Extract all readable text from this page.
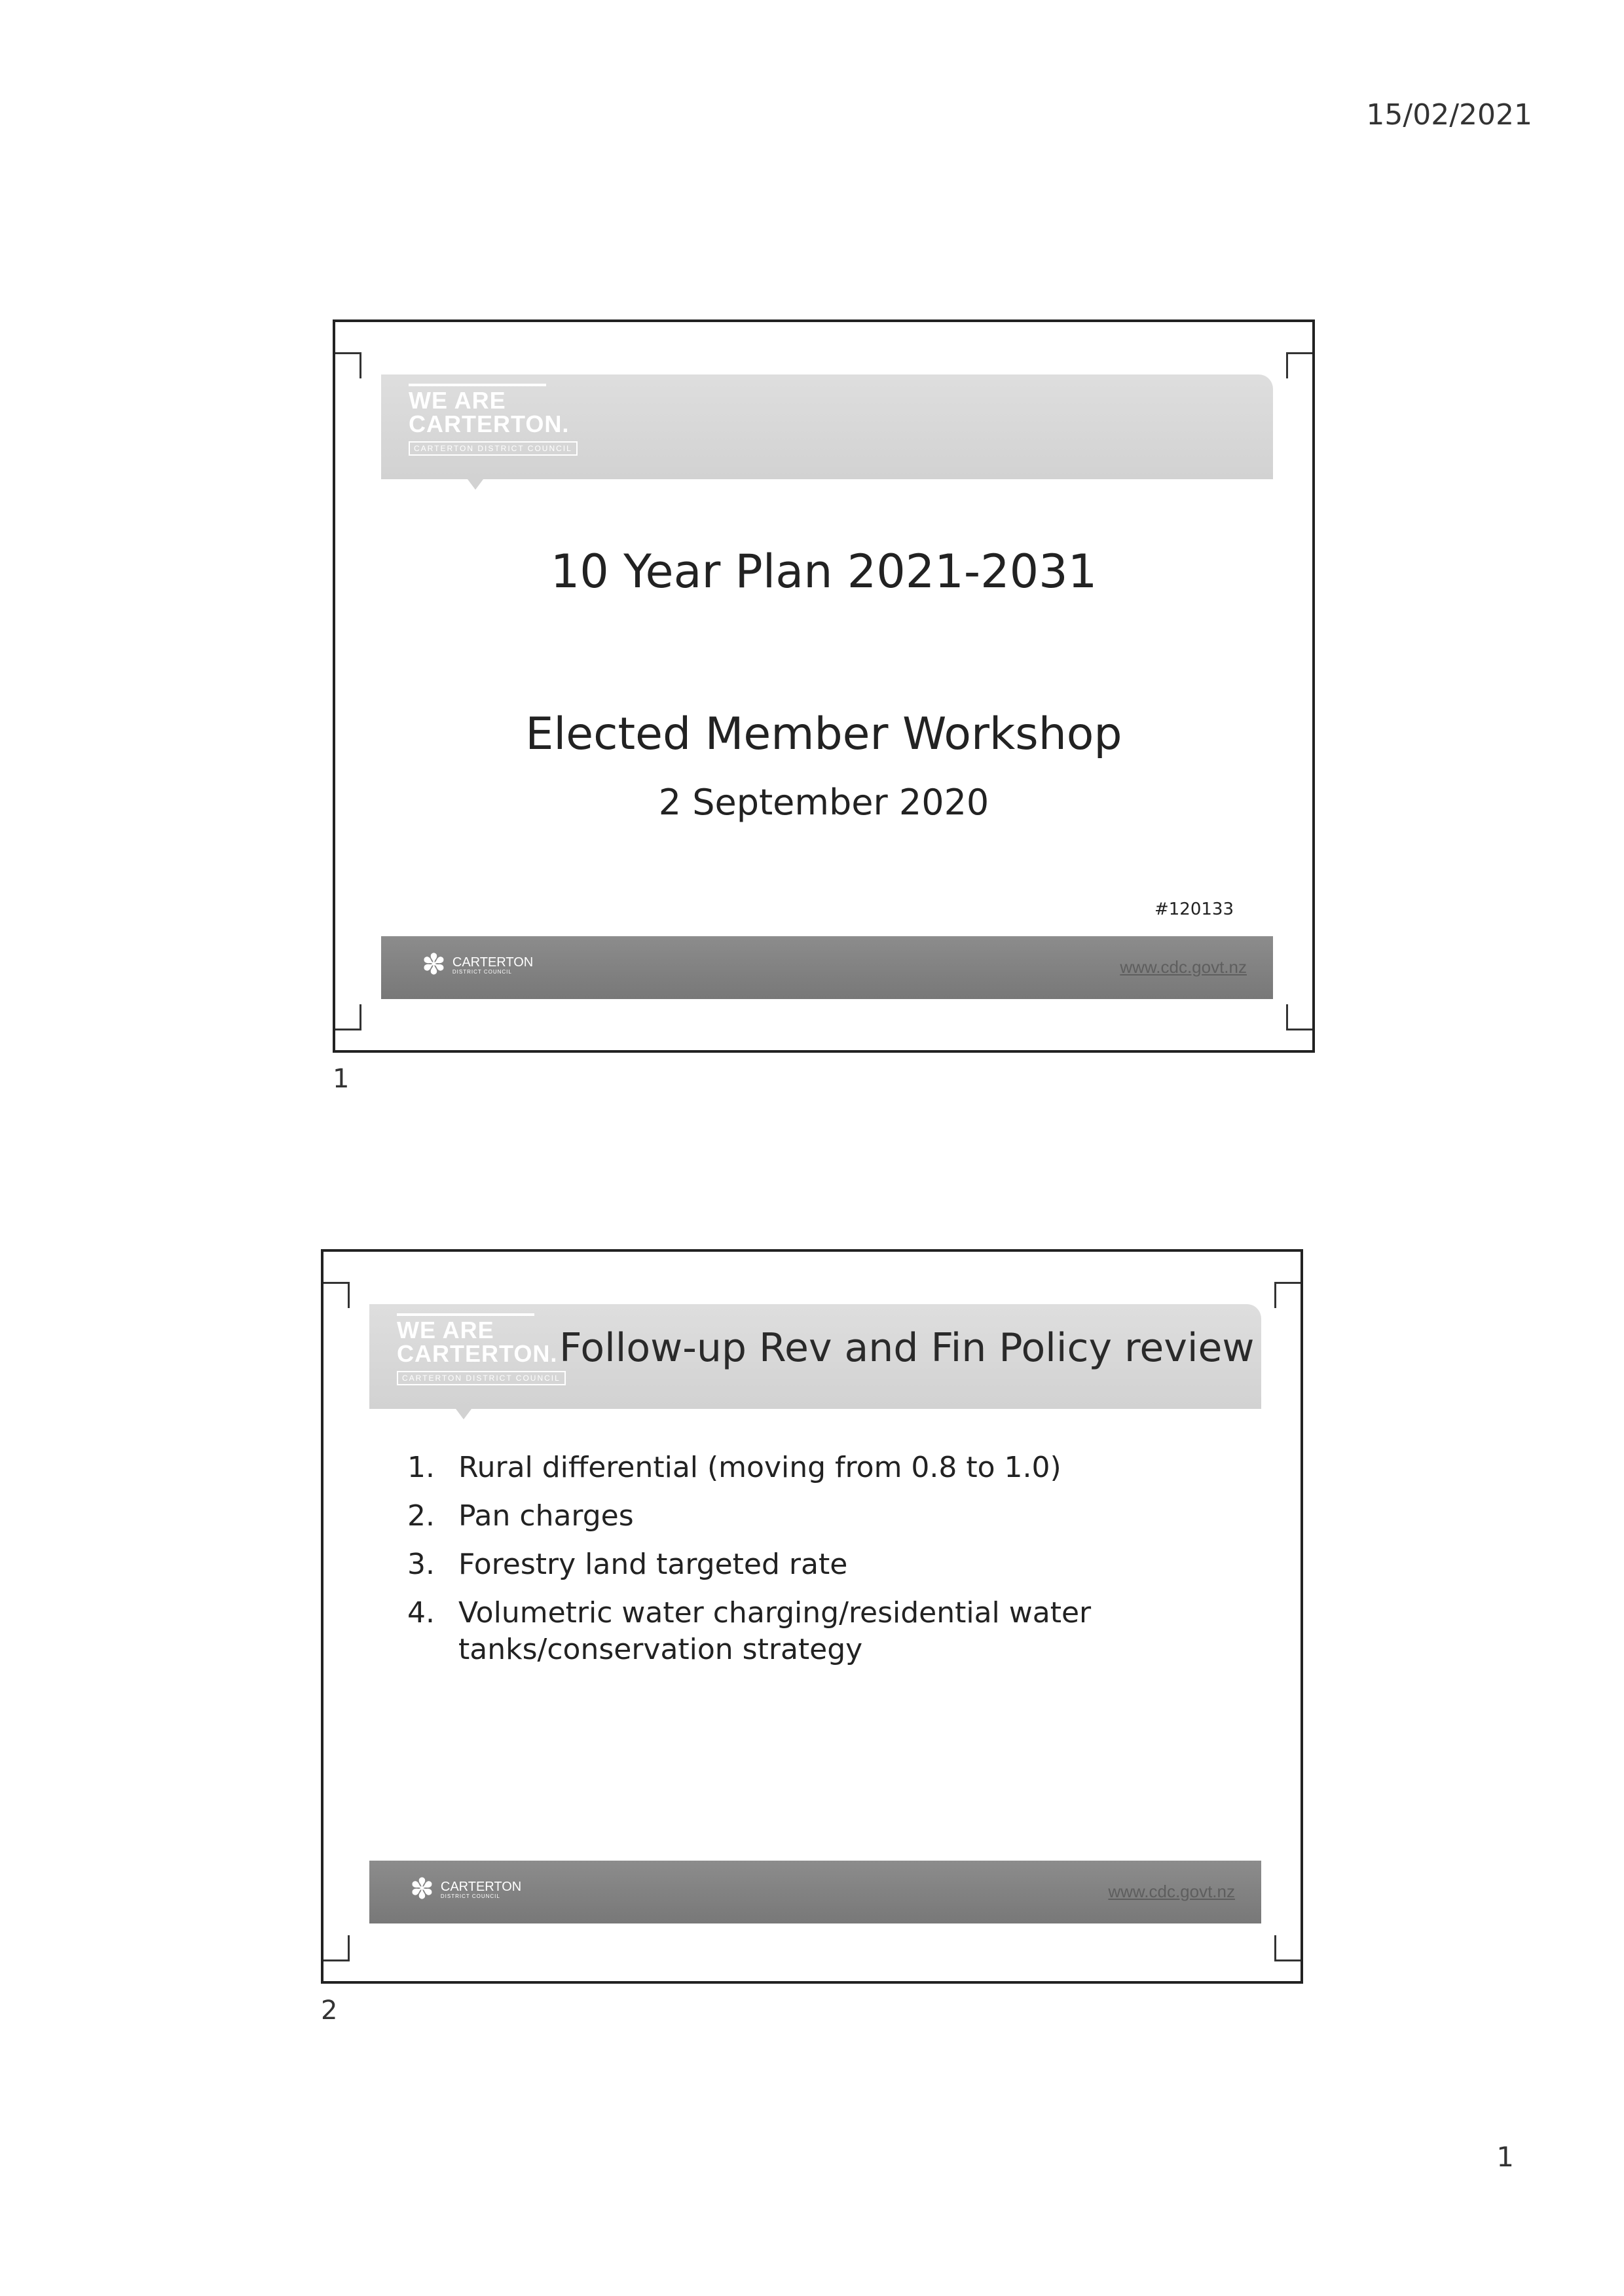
15/02/2021
WE ARE
CARTERTON.
CARTERTON DISTRICT COUNCIL
10 Year Plan 2021-2031
Elected Member Workshop
2 September 2020
#120133
✽ CARTERTON
DISTRICT COUNCIL	www.cdc.govt.nz
1
WE ARE
CARTERTON.
CARTERTON DISTRICT COUNCIL
Follow-up Rev and Fin Policy review
1. Rural differential (moving from 0.8 to 1.0)
2. Pan charges
3. Forestry land targeted rate
4. Volumetric water charging/residential water tanks/conservation strategy
✽ CARTERTON
DISTRICT COUNCIL	www.cdc.govt.nz
2
1
